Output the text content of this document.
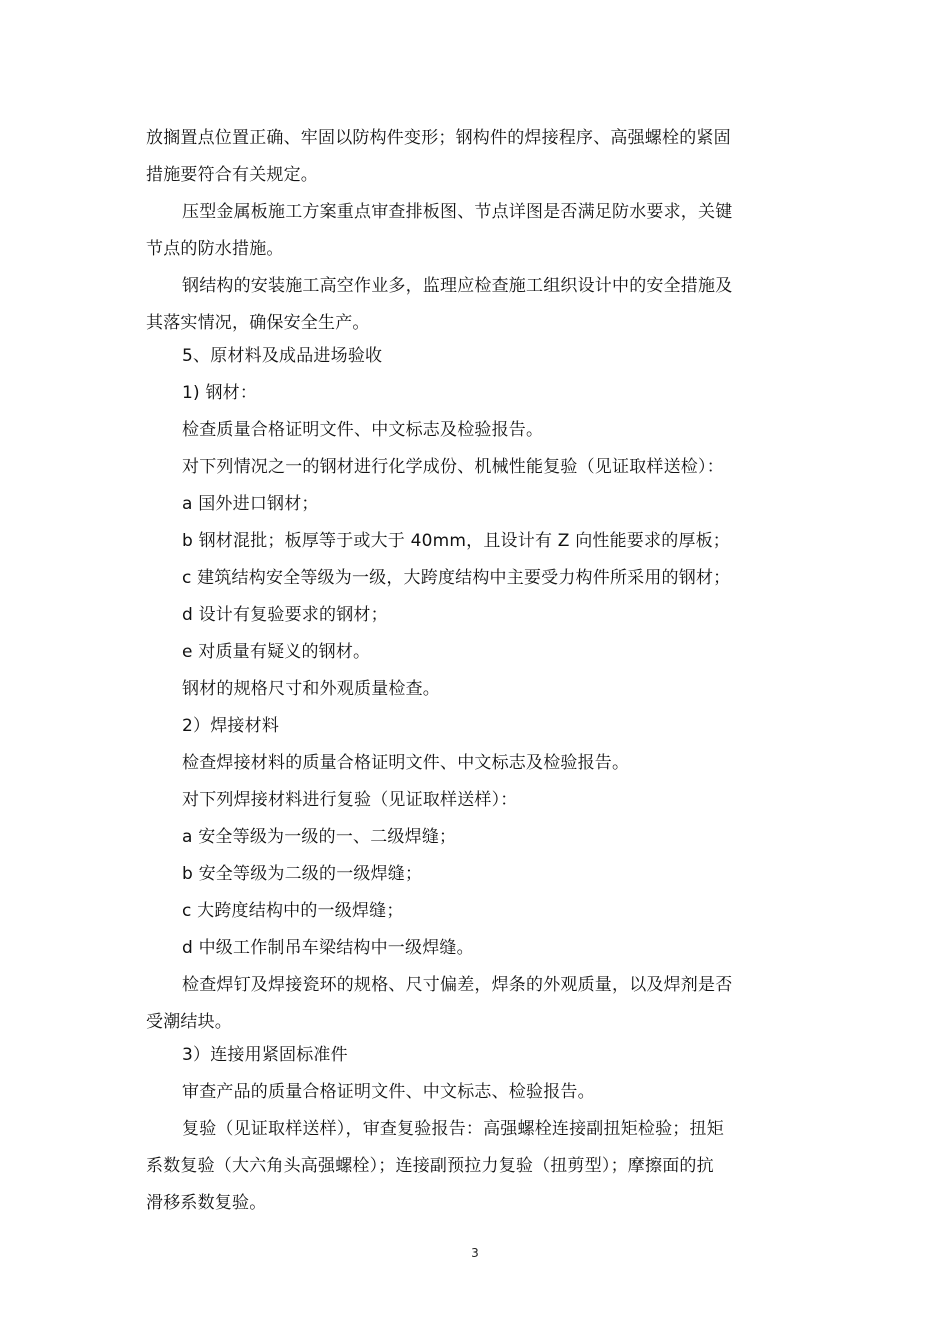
放搁置点位置正确、牢固以防构件变形；钢构件的焊接程序、高强螺栓的紧固
措施要符合有关规定。
压型金属板施工方案重点审查排板图、节点详图是否满足防水要求，关键
节点的防水措施。
钢结构的安装施工高空作业多，监理应检查施工组织设计中的安全措施及
其落实情况，确保安全生产。
5、原材料及成品进场验收
1) 钢材：
检查质量合格证明文件、中文标志及检验报告。
对下列情况之一的钢材进行化学成份、机械性能复验（见证取样送检）：
a 国外进口钢材；
b 钢材混批；板厚等于或大于 40mm，且设计有 Z 向性能要求的厚板；
c 建筑结构安全等级为一级，大跨度结构中主要受力构件所采用的钢材；
d 设计有复验要求的钢材；
e 对质量有疑义的钢材。
钢材的规格尺寸和外观质量检查。
2）焊接材料
检查焊接材料的质量合格证明文件、中文标志及检验报告。
对下列焊接材料进行复验（见证取样送样）：
a 安全等级为一级的一、二级焊缝；
b 安全等级为二级的一级焊缝；
c 大跨度结构中的一级焊缝；
d 中级工作制吊车梁结构中一级焊缝。
检查焊钉及焊接瓷环的规格、尺寸偏差，焊条的外观质量，以及焊剂是否
受潮结块。
3）连接用紧固标准件
审查产品的质量合格证明文件、中文标志、检验报告。
复验（见证取样送样），审查复验报告：高强螺栓连接副扭矩检验；扭矩
系数复验（大六角头高强螺栓）；连接副预拉力复验（扭剪型）；摩擦面的抗
滑移系数复验。
3
